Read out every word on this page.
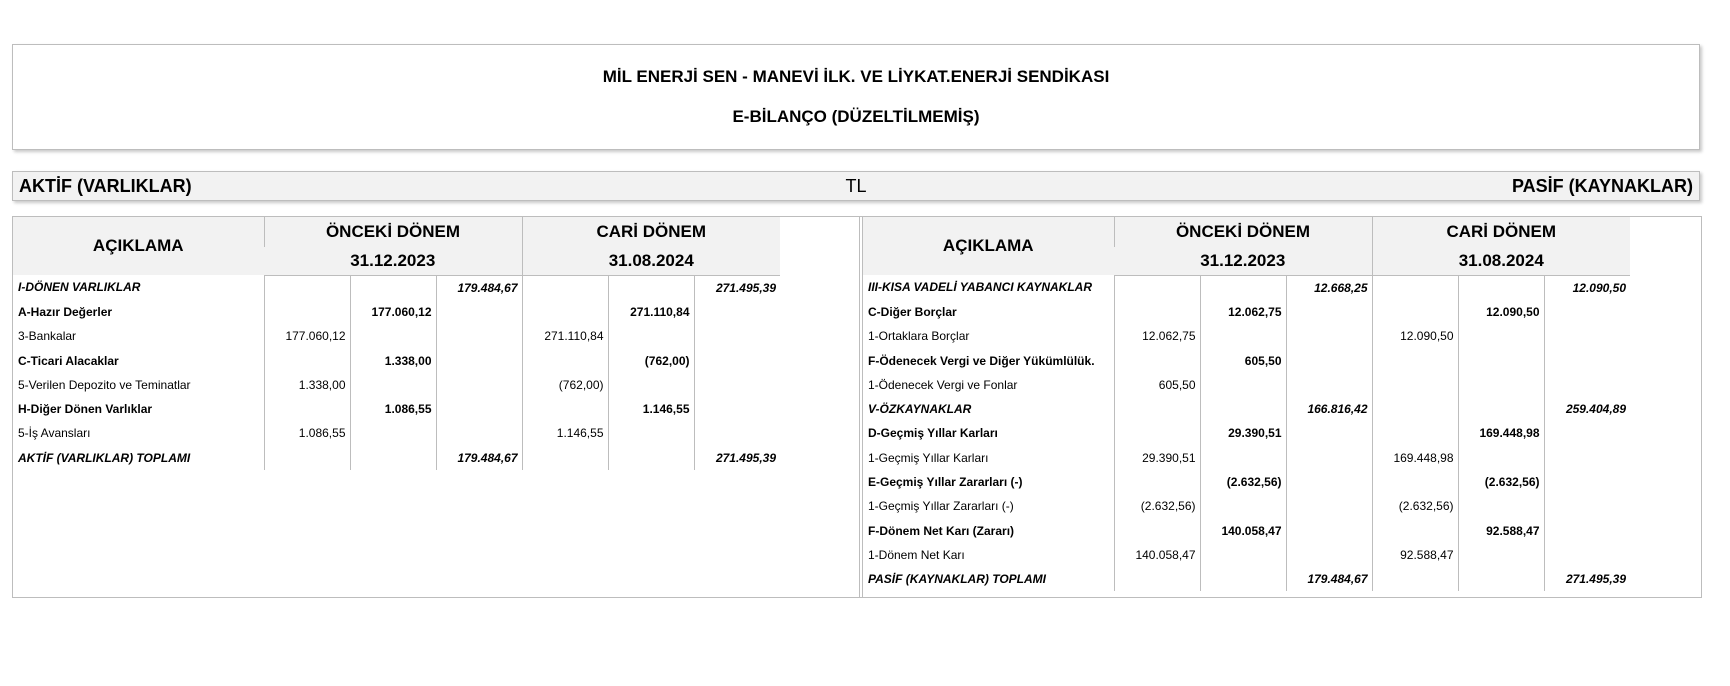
MİL ENERJİ SEN - MANEVİ İLK. VE LİYKAT.ENERJİ SENDİKASI
E-BİLANÇO (DÜZELTİLMEMİŞ)
AKTİF (VARLIKLAR)	TL	PASİF (KAYNAKLAR)
AÇIKLAMA	ÖNCEKİ DÖNEM			CARİ DÖNEM		
	31.12.2023			31.08.2024		
I-DÖNEN VARLIKLAR			179.484,67			271.495,39
A-Hazır Değerler		177.060,12			271.110,84	
3-Bankalar	177.060,12			271.110,84		
C-Ticari Alacaklar		1.338,00			(762,00)	
5-Verilen Depozito ve Teminatlar	1.338,00			(762,00)		
H-Diğer Dönen Varlıklar		1.086,55			1.146,55	
5-İş Avansları	1.086,55			1.146,55		
AKTİF (VARLIKLAR) TOPLAMI			179.484,67			271.495,39
AÇIKLAMA	ÖNCEKİ DÖNEM			CARİ DÖNEM		
	31.12.2023			31.08.2024		
III-KISA VADELİ YABANCI KAYNAKLAR			12.668,25			12.090,50
C-Diğer Borçlar		12.062,75			12.090,50	
1-Ortaklara Borçlar	12.062,75			12.090,50		
F-Ödenecek Vergi ve Diğer Yükümlülük.		605,50				
1-Ödenecek Vergi ve Fonlar	605,50					
V-ÖZKAYNAKLAR			166.816,42			259.404,89
D-Geçmiş Yıllar Karları		29.390,51			169.448,98	
1-Geçmiş Yıllar Karları	29.390,51			169.448,98		
E-Geçmiş Yıllar Zararları (-)		(2.632,56)			(2.632,56)	
1-Geçmiş Yıllar Zararları (-)	(2.632,56)			(2.632,56)		
F-Dönem Net Karı (Zararı)		140.058,47			92.588,47	
1-Dönem Net Karı	140.058,47			92.588,47		
PASİF (KAYNAKLAR) TOPLAMI			179.484,67			271.495,39
